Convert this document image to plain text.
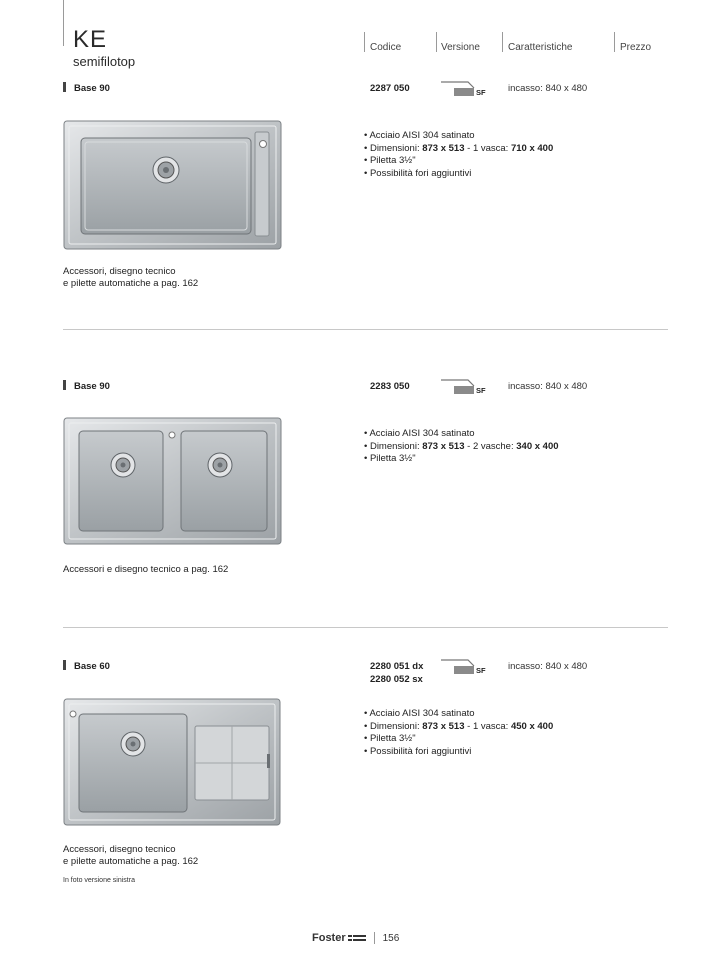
KE
semifilotop
Codice	Versione	Caratteristiche	Prezzo
Base 90	2287 050	SF incasso: 840 x 480
• Acciaio AISI 304 satinato
• Dimensioni: 873 x 513 - 1 vasca: 710 x 400
• Piletta 3½"
• Possibilità fori aggiuntivi
Accessori, disegno tecnico
e pilette automatiche a pag. 162
Base 90	2283 050	SF incasso: 840 x 480
• Acciaio AISI 304 satinato
• Dimensioni: 873 x 513 - 2 vasche: 340 x 400
• Piletta 3½"
Accessori e disegno tecnico a pag. 162
Base 60	2280 051 dx
2280 052 sx
SF incasso: 840 x 480
• Acciaio AISI 304 satinato
• Dimensioni: 873 x 513 - 1 vasca: 450 x 400
• Piletta 3½"
• Possibilità fori aggiuntivi
Accessori, disegno tecnico
e pilette automatiche a pag. 162
In foto versione sinistra
Foster	156
